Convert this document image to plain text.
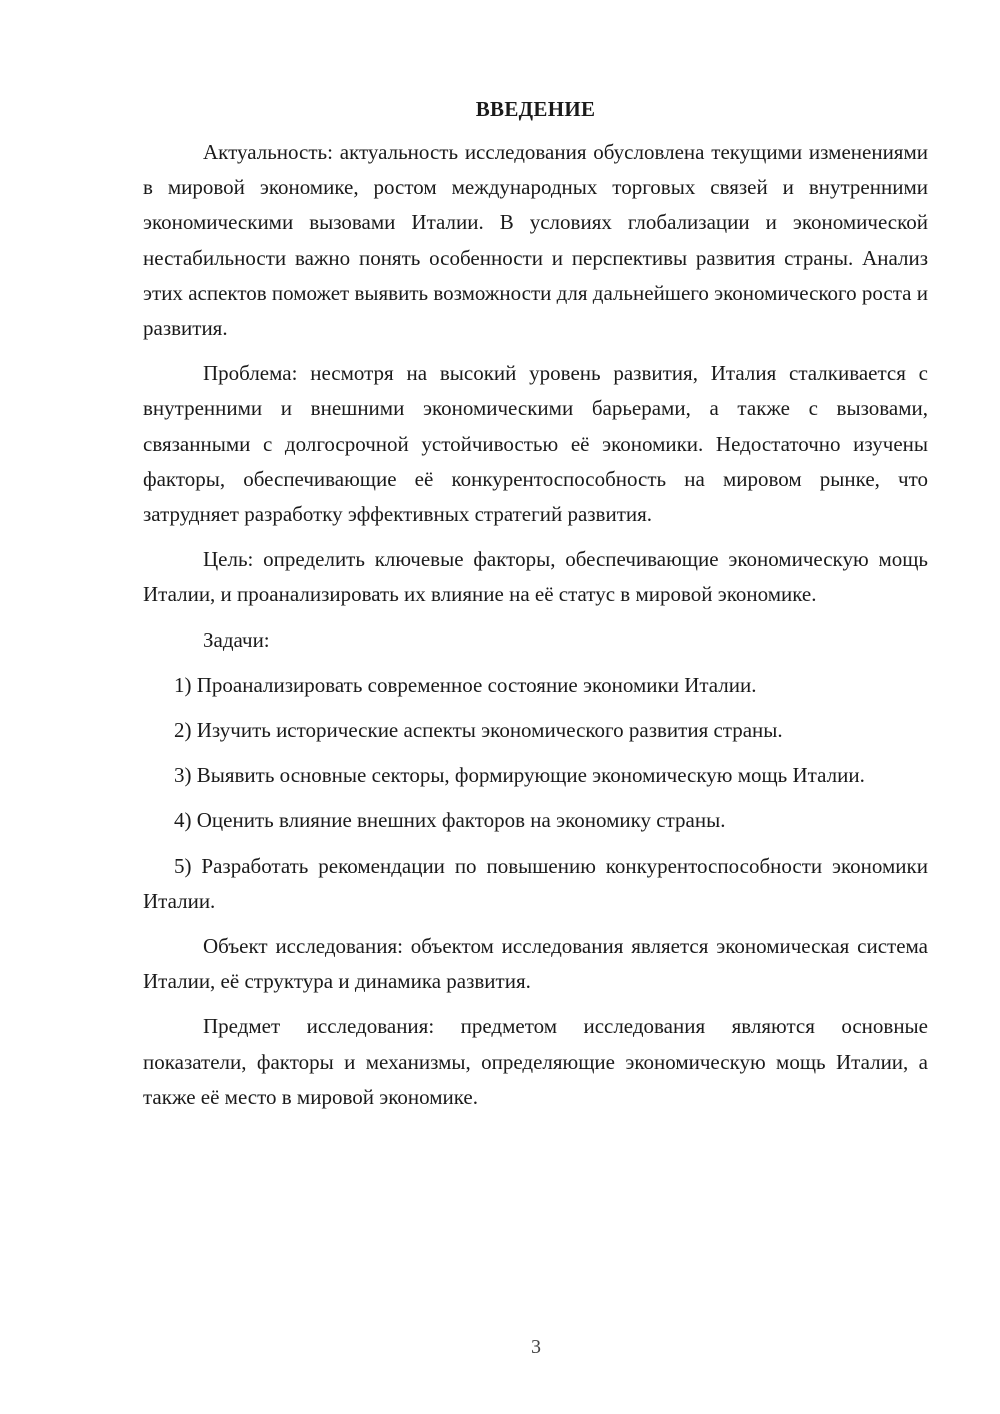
ВВЕДЕНИЕ

Актуальность: актуальность исследования обусловлена текущими изменениями в мировой экономике, ростом международных торговых связей и внутренними экономическими вызовами Италии. В условиях глобализации и экономической нестабильности важно понять особенности и перспективы развития страны. Анализ этих аспектов поможет выявить возможности для дальнейшего экономического роста и развития.

Проблема: несмотря на высокий уровень развития, Италия сталкивается с внутренними и внешними экономическими барьерами, а также с вызовами, связанными с долгосрочной устойчивостью её экономики. Недостаточно изучены факторы, обеспечивающие её конкурентоспособность на мировом рынке, что затрудняет разработку эффективных стратегий развития.

Цель: определить ключевые факторы, обеспечивающие экономическую мощь Италии, и проанализировать их влияние на её статус в мировой экономике.

Задачи:

1) Проанализировать современное состояние экономики Италии.

2) Изучить исторические аспекты экономического развития страны.

3) Выявить основные секторы, формирующие экономическую мощь Италии.

4) Оценить влияние внешних факторов на экономику страны.

5) Разработать рекомендации по повышению конкурентоспособности экономики Италии.

Объект исследования: объектом исследования является экономическая система Италии, её структура и динамика развития.

Предмет исследования: предметом исследования являются основные показатели, факторы и механизмы, определяющие экономическую мощь Италии, а также её место в мировой экономике.

3
